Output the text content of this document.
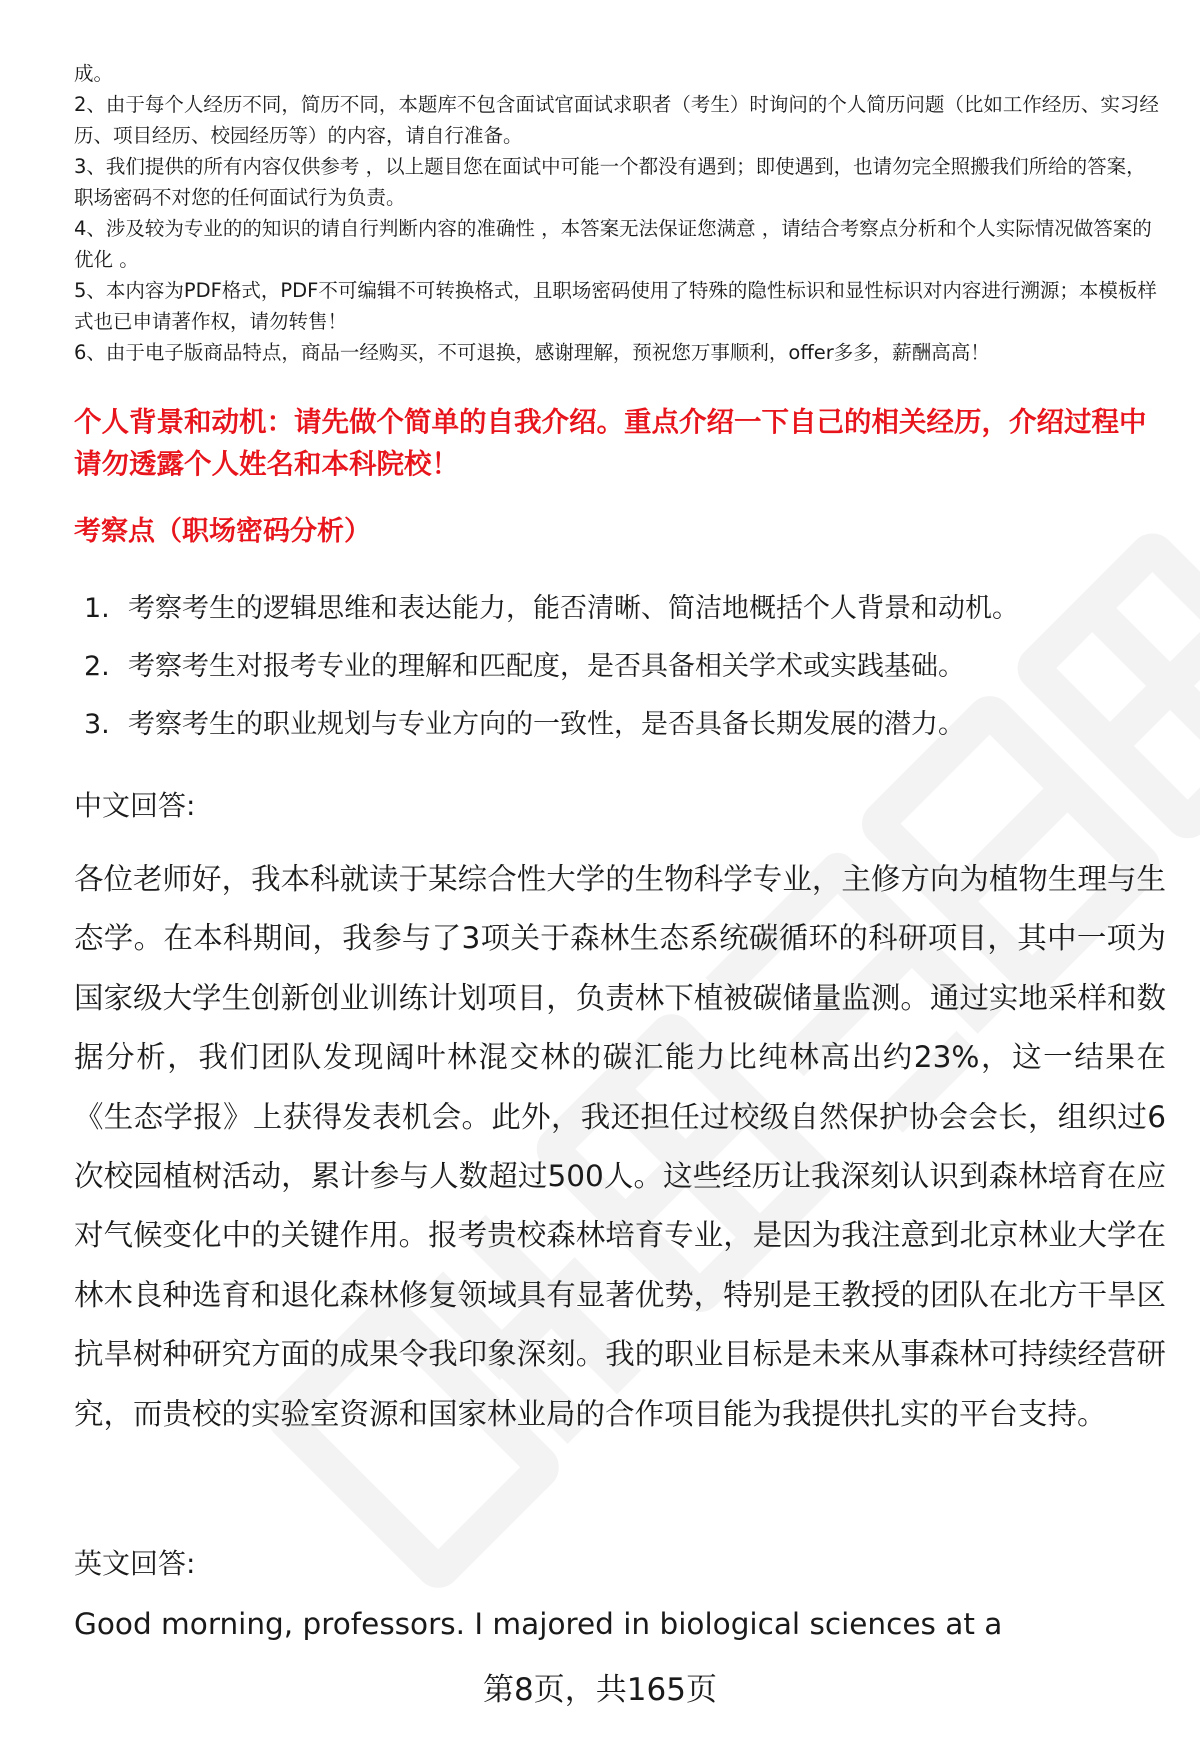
成。

2、由于每个人经历不同，简历不同，本题库不包含面试官面试求职者（考生）时询问的个人简历问题（比如工作经历、实习经历、项目经历、校园经历等）的内容，请自行准备。

3、我们提供的所有内容仅供参考 ，以上题目您在面试中可能一个都没有遇到；即使遇到，也请勿完全照搬我们所给的答案，职场密码不对您的任何面试行为负责。

4、涉及较为专业的的知识的请自行判断内容的准确性 ，本答案无法保证您满意 ，请结合考察点分析和个人实际情况做答案的优化 。

5、本内容为PDF格式，PDF不可编辑不可转换格式，且职场密码使用了特殊的隐性标识和显性标识对内容进行溯源；本模板样式也已申请著作权，请勿转售！

6、由于电子版商品特点，商品一经购买，不可退换，感谢理解，预祝您万事顺利，offer多多，薪酬高高！

个人背景和动机：请先做个简单的自我介绍。重点介绍一下自己的相关经历，介绍过程中请勿透露个人姓名和本科院校！

考察点（职场密码分析）

1. 考察考生的逻辑思维和表达能力，能否清晰、简洁地概括个人背景和动机。
2. 考察考生对报考专业的理解和匹配度，是否具备相关学术或实践基础。
3. 考察考生的职业规划与专业方向的一致性，是否具备长期发展的潜力。

中文回答:

各位老师好，我本科就读于某综合性大学的生物科学专业，主修方向为植物生理与生态学。在本科期间，我参与了3项关于森林生态系统碳循环的科研项目，其中一项为国家级大学生创新创业训练计划项目，负责林下植被碳储量监测。通过实地采样和数据分析，我们团队发现阔叶林混交林的碳汇能力比纯林高出约23%，这一结果在《生态学报》上获得发表机会。此外，我还担任过校级自然保护协会会长，组织过6次校园植树活动，累计参与人数超过500人。这些经历让我深刻认识到森林培育在应对气候变化中的关键作用。报考贵校森林培育专业，是因为我注意到北京林业大学在林木良种选育和退化森林修复领域具有显著优势，特别是王教授的团队在北方干旱区抗旱树种研究方面的成果令我印象深刻。我的职业目标是未来从事森林可持续经营研究，而贵校的实验室资源和国家林业局的合作项目能为我提供扎实的平台支持。

英文回答:

Good morning, professors. I majored in biological sciences at a

第8页，共165页
